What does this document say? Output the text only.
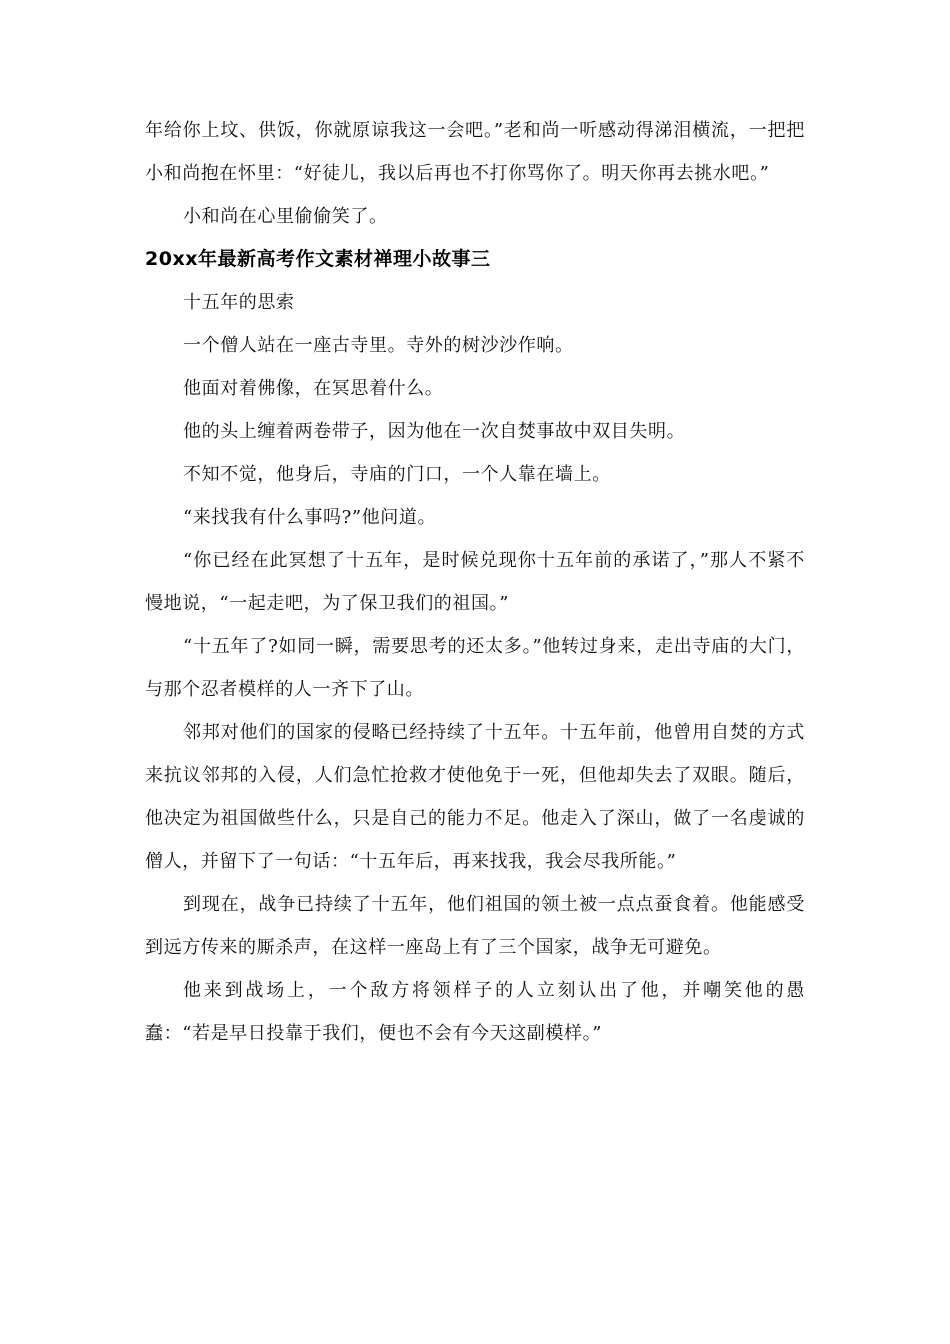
年给你上坟、供饭，你就原谅我这一会吧。”老和尚一听感动得涕泪横流，一把把小和尚抱在怀里：“好徒儿，我以后再也不打你骂你了。明天你再去挑水吧。”

小和尚在心里偷偷笑了。

20xx年最新高考作文素材禅理小故事三

十五年的思索

一个僧人站在一座古寺里。寺外的树沙沙作响。

他面对着佛像，在冥思着什么。

他的头上缠着两卷带子，因为他在一次自焚事故中双目失明。

不知不觉，他身后，寺庙的门口，一个人靠在墙上。

“来找我有什么事吗?”他问道。

“你已经在此冥想了十五年，是时候兑现你十五年前的承诺了，”那人不紧不慢地说，“一起走吧，为了保卫我们的祖国。”

“十五年了?如同一瞬，需要思考的还太多。”他转过身来，走出寺庙的大门，与那个忍者模样的人一齐下了山。

邻邦对他们的国家的侵略已经持续了十五年。十五年前，他曾用自焚的方式来抗议邻邦的入侵，人们急忙抢救才使他免于一死，但他却失去了双眼。随后，他决定为祖国做些什么，只是自己的能力不足。他走入了深山，做了一名虔诚的僧人，并留下了一句话：“十五年后，再来找我，我会尽我所能。”

到现在，战争已持续了十五年，他们祖国的领土被一点点蚕食着。他能感受到远方传来的厮杀声，在这样一座岛上有了三个国家，战争无可避免。

他来到战场上，一个敌方将领样子的人立刻认出了他，并嘲笑他的愚蠢：“若是早日投靠于我们，便也不会有今天这副模样。”
